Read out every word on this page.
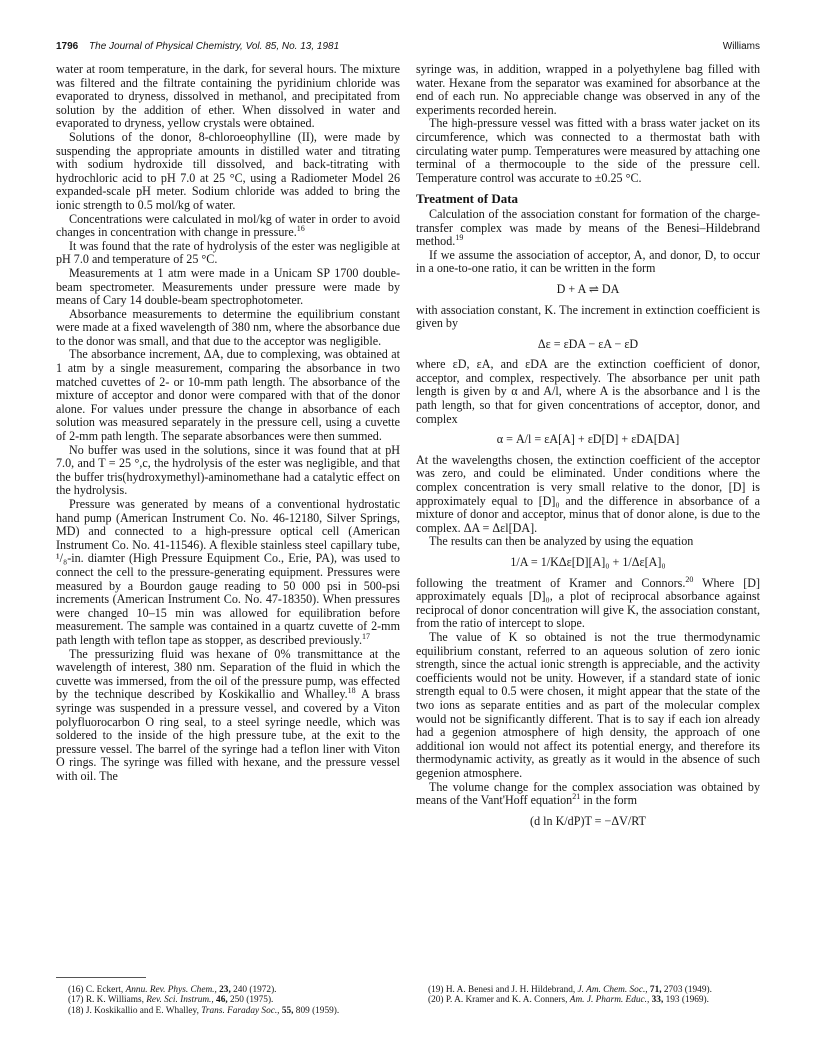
1796 The Journal of Physical Chemistry, Vol. 85, No. 13, 1981	Williams

water at room temperature, in the dark, for several hours. The mixture was filtered and the filtrate containing the pyridinium chloride was evaporated to dryness, dissolved in methanol, and precipitated from solution by the addition of ether. When dissolved in water and evaporated to dryness, yellow crystals were obtained.

Solutions of the donor, 8-chloroeophylline (II), were made by suspending the appropriate amounts in distilled water and titrating with sodium hydroxide till dissolved, and back-titrating with hydrochloric acid to pH 7.0 at 25 °C, using a Radiometer Model 26 expanded-scale pH meter. Sodium chloride was added to bring the ionic strength to 0.5 mol/kg of water.

Concentrations were calculated in mol/kg of water in order to avoid changes in concentration with change in pressure.$^{16}$

It was found that the rate of hydrolysis of the ester was negligible at pH 7.0 and temperature of 25 °C.

Measurements at 1 atm were made in a Unicam SP 1700 double-beam spectrometer. Measurements under pressure were made by means of Cary 14 double-beam spectrophotometer.

Absorbance measurements to determine the equilibrium constant were made at a fixed wavelength of 380 nm, where the absorbance due to the donor was small, and that due to the acceptor was negligible.

The absorbance increment, ΔA, due to complexing, was obtained at 1 atm by a single measurement, comparing the absorbance in two matched cuvettes of 2- or 10-mm path length. The absorbance of the mixture of acceptor and donor were compared with that of the donor alone. For values under pressure the change in absorbance of each solution was measured separately in the pressure cell, using a cuvette of 2-mm path length. The separate absorbances were then summed.

No buffer was used in the solutions, since it was found that at pH 7.0, and T = 25 °,c, the hydrolysis of the ester was negligible, and that the buffer tris(hydroxymethyl)-aminomethane had a catalytic effect on the hydrolysis.

Pressure was generated by means of a conventional hydrostatic hand pump (American Instrument Co. No. 46-12180, Silver Springs, MD) and connected to a high-pressure optical cell (American Instrument Co. No. 41-11546). A flexible stainless steel capillary tube, ¹/₈-in. diamter (High Pressure Equipment Co., Erie, PA), was used to connect the cell to the pressure-generating equipment. Pressures were measured by a Bourdon gauge reading to 50 000 psi in 500-psi increments (American Instrument Co. No. 47-18350). When pressures were changed 10–15 min was allowed for equilibration before measurement. The sample was contained in a quartz cuvette of 2-mm path length with teflon tape as stopper, as described previously.$^{17}$

The pressurizing fluid was hexane of 0% transmittance at the wavelength of interest, 380 nm. Separation of the fluid in which the cuvette was immersed, from the oil of the pressure pump, was effected by the technique described by Koskikallio and Whalley.$^{18}$ A brass syringe was suspended in a pressure vessel, and covered by a Viton polyfluorocarbon O ring seal, to a steel syringe needle, which was soldered to the inside of the high pressure tube, at the exit to the pressure vessel. The barrel of the syringe had a teflon liner with Viton O rings. The syringe was filled with hexane, and the pressure vessel with oil. The

syringe was, in addition, wrapped in a polyethylene bag filled with water. Hexane from the separator was examined for absorbance at the end of each run. No appreciable change was observed in any of the experiments recorded herein.

The high-pressure vessel was fitted with a brass water jacket on its circumference, which was connected to a thermostat bath with circulating water pump. Temperatures were measured by attaching one terminal of a thermocouple to the side of the pressure cell. Temperature control was accurate to ±0.25 °C.

Treatment of Data

Calculation of the association constant for formation of the charge-transfer complex was made by means of the Benesi–Hildebrand method.$^{19}$

If we assume the association of acceptor, A, and donor, D, to occur in a one-to-one ratio, it can be written in the form

D + A ⇌ DA

with association constant, K. The increment in extinction coefficient is given by

Δε = εDA − εA − εD

where εD, εA, and εDA are the extinction coefficient of donor, acceptor, and complex, respectively. The absorbance per unit path length is given by α and A/l, where A is the absorbance and l is the path length, so that for given concentrations of acceptor, donor, and complex

α = A/l = εA[A] + εD[D] + εDA[DA]

At the wavelengths chosen, the extinction coefficient of the acceptor was zero, and could be eliminated. Under conditions where the complex concentration is very small relative to the donor, [D] is approximately equal to [D]₀ and the difference in absorbance of a mixture of donor and acceptor, minus that of donor alone, is due to the complex. ΔA = Δεl[DA].

The results can then be analyzed by using the equation

1/A = 1/KΔε[D][A]₀ + 1/Δε[A]₀

following the treatment of Kramer and Connors.$^{20}$ Where [D] approximately equals [D]₀, a plot of reciprocal absorbance against reciprocal of donor concentration will give K, the association constant, from the ratio of intercept to slope.

The value of K so obtained is not the true thermodynamic equilibrium constant, referred to an aqueous solution of zero ionic strength, since the actual ionic strength is appreciable, and the activity coefficients would not be unity. However, if a standard state of ionic strength equal to 0.5 were chosen, it might appear that the state of the two ions as separate entities and as part of the molecular complex would not be significantly different. That is to say if each ion already had a gegenion atmosphere of high density, the approach of one additional ion would not affect its potential energy, and therefore its thermodynamic activity, as greatly as it would in the absence of such gegenion atmosphere.

The volume change for the complex association was obtained by means of the Vant'Hoff equation$^{21}$ in the form

(d ln K/dP)T = −ΔV/RT

(16) C. Eckert, Annu. Rev. Phys. Chem., 23, 240 (1972).

(17) R. K. Williams, Rev. Sci. Instrum., 46, 250 (1975).

(18) J. Koskikallio and E. Whalley, Trans. Faraday Soc., 55, 809 (1959).

(19) H. A. Benesi and J. H. Hildebrand, J. Am. Chem. Soc., 71, 2703 (1949).

(20) P. A. Kramer and K. A. Conners, Am. J. Pharm. Educ., 33, 193 (1969).
